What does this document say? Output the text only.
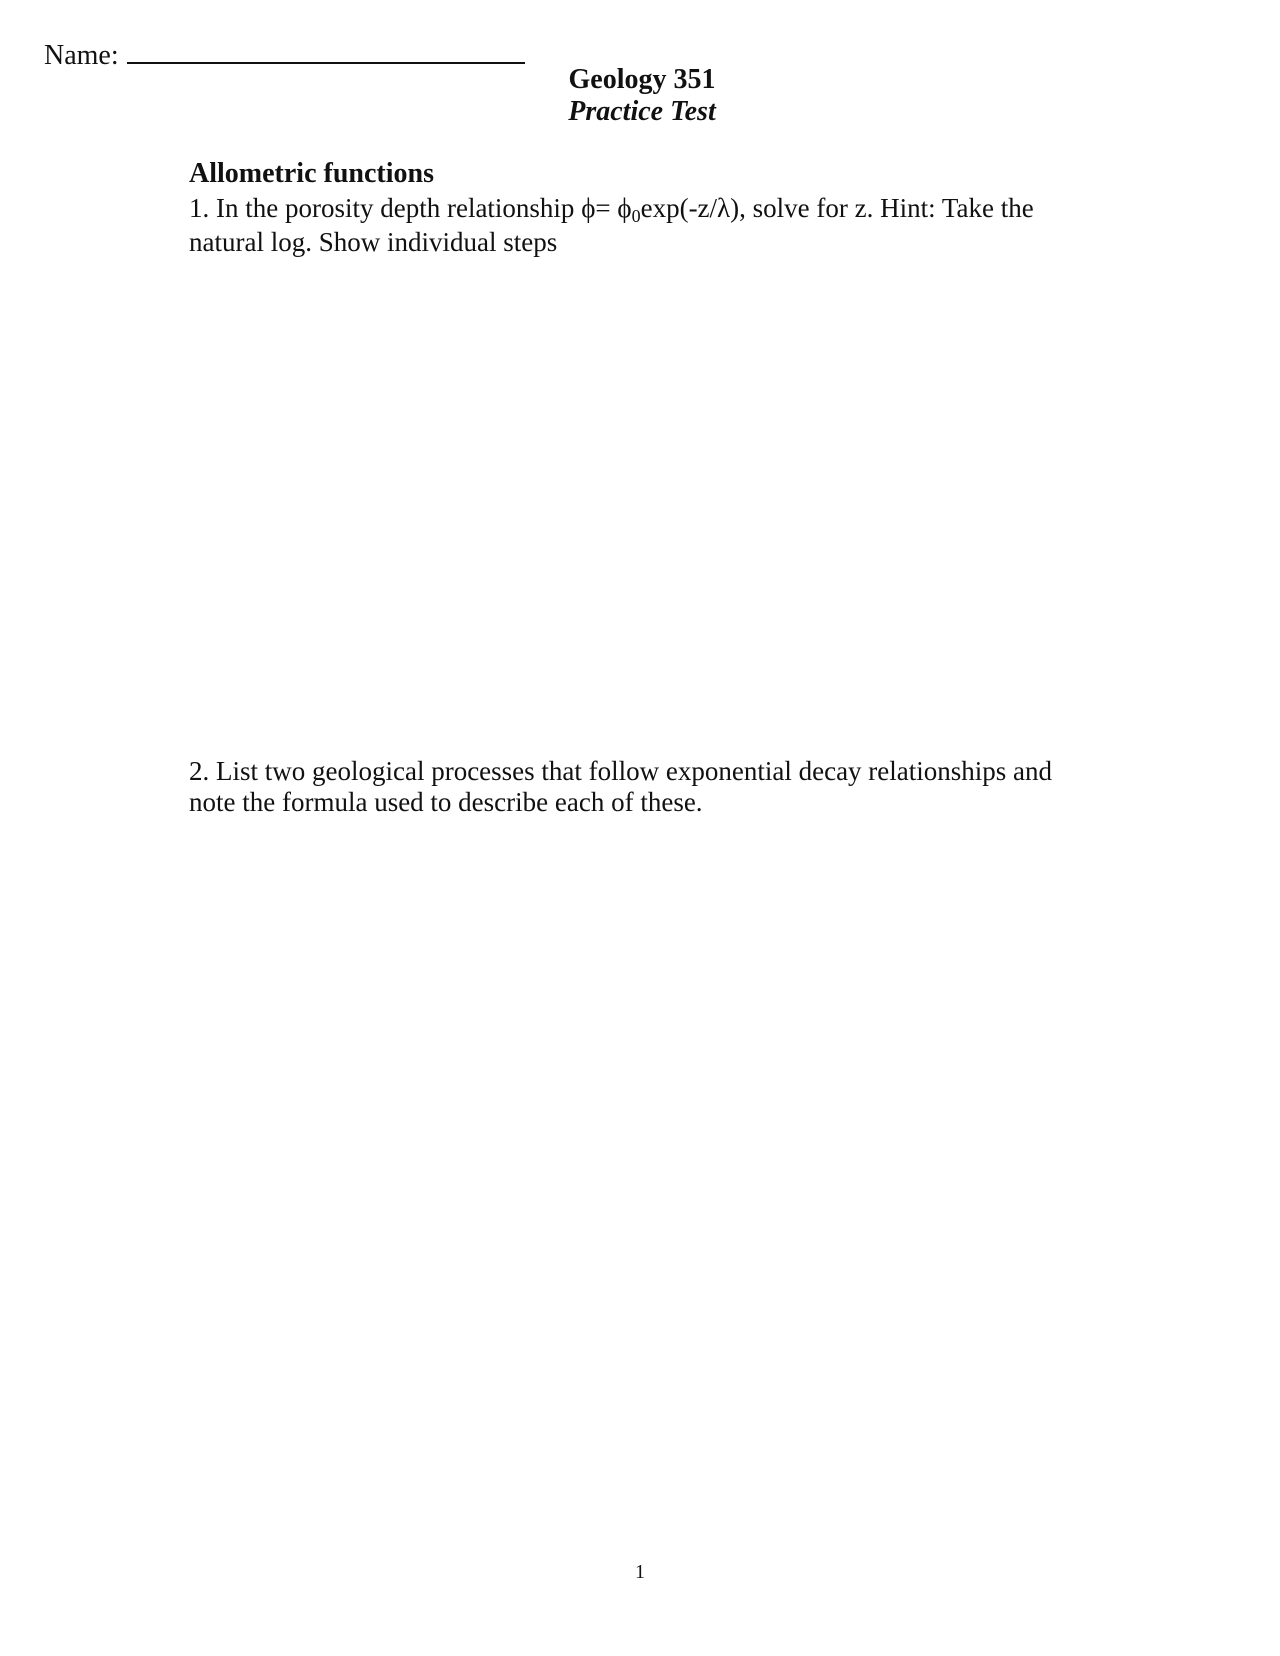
Name:
Geology 351
Practice Test
Allometric functions
1. In the porosity depth relationship ϕ= ϕ0exp(-z/λ), solve for z. Hint: Take the natural log. Show individual steps
2. List two geological processes that follow exponential decay relationships and note the formula used to describe each of these.
1
